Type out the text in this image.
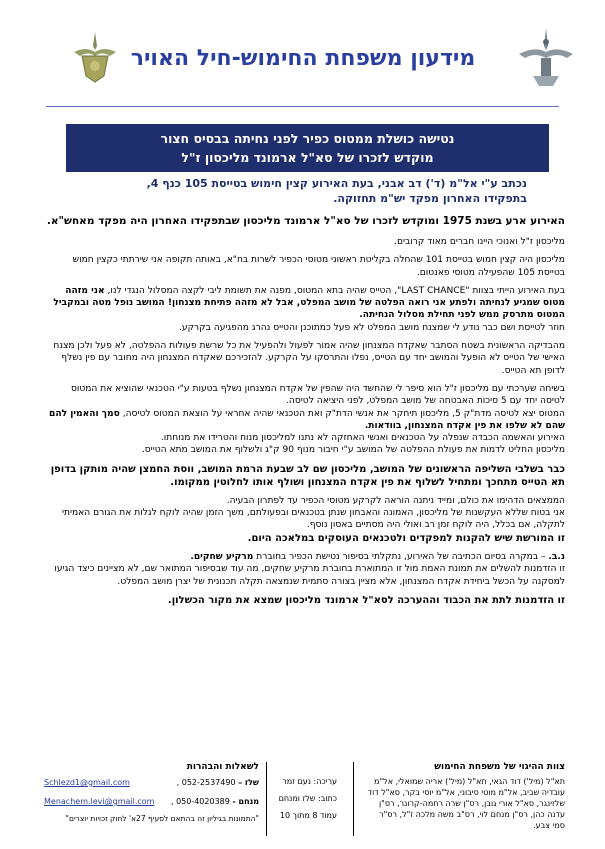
מידעון משפחת החימוש-חיל האויר
נטישה כושלת ממטוס כפיר לפני נחיתה בבסיס חצור
מוקדש לזכרו של סא"ל ארמונד מליכסון ז"ל
נכתב ע"י אל"מ (ד') דב אבני, בעת האירוע קצין חימוש בטייסת 105 כנף 4,
בתפקידו האחרון מפקד יש"מ תחזוקה.

האירוע ארע בשנת 1975 ומוקדש לזכרו של סא"ל ארמונד מליכסון שבתפקידו האחרון היה מפקד מאחש"א.

מליכסון ז"ל ואנוכי היינו חברים מאוד קרובים.

מליכסון היה קצין חמוש בטייסת 101 שהחלה בקליטת ראשוני מטוסי הכפיר לשרות בח"א, באותה תקופה אני שירתתי כקצין חמוש בטייסת 105 שהפעילה מטוסי פאנטום.

בעת האירוע הייתי בצוות "LAST CHANCE", הטייס שהיה בתא המטוס, מפנה את תשומת ליבי לקצה המסלול הנגדי לנו, אני מזהה מטוס שמגיע לנחיתה ולפתע אני רואה הפלטה של מושב המפלט, אבל לא מזהה פתיחת מצנחון! המושב נופל מטה ובמקביל המטוס מתרסק ממש לפני תחילת מסלול הנחיתה.
חוזר לטייסת ושם כבר נודע לי שמצנח מושב המפלט לא פעל כמתוכנן והטייס נהרג מהפגיעה בקרקע.

מהבדיקה הראשונית בשטח הסתבר שאקדח המצנחון שהיה אמור לפעול ולהפעיל את כל שרשת פעולות ההפלטה, לא פעל ולכן מצנח האישי של הטייס לא הופעל והמושב יחד עם הטייס, נפלו והתרסקו על הקרקע. להזכירכם שאקדח המצנחון היה מחובר עם פין נשלף לדופן תא הטייס.

בשיחה שערכתי עם מליכסון ז"ל הוא סיפר לי שהחשד היה שהפין של אקדח המצנחון נשלף בטעות ע"י הטכנאי שהוציא את המטוס לטיסה יחד עם 5 סיכות האבטחה של מושב המפלט, לפני היציאה לטיסה.
המטוס יצא לטיסה מדת"ק 5, מליכסון תיחקר את אנשי הדת"ק ואת הטכנאי שהיה אחראי על הוצאת המטוס לטיסה, סמך והאמין להם שהם לא שלפו את פין אקדח המצנחון, בוודאות.
האירוע והאשמה הכבדה שנפלה על הטכנאים ואנשי האחזקה לא נתנו למליכסון מנוח והטרידו את מנוחתו.
מליכסון החליט לדמות את פעולת ההפלטה של המושב ע"י חיבור מנוף 90 ק"ג ולשלוף את המושב מתא הטייס.

כבר בשלבי השליפה הראשונים של המושב, מליכסון שם לב שבעת הרמת המושב, ווסת החמצן שהיה מותקן בדופן תא הטייס מתחכך ומתחיל לשלוף את פין אקדח המצנחון ושולף אותו לחלוטין ממקומו.

הממצאים הדהימו את כולם, ומייד ניתנה הוראה לקרקע מטוסי הכפיר עד לפתרון הבעיה.
אני בטוח שללא העקשנות של מליכסון, האמונה והאבחון שנתן בטכנאים ובפעולתם, משך הזמן שהיה לוקח לגלות את הגורם האמיתי לתקלה, אם בכלל, היה לוקח זמן רב ואולי היה מסתיים באסון נוסף.
זו המורשת שיש להקנות למפקדים ולטכנאים העוסקים במלאכה היום.

נ.ב. – במקרה בסיום הכתיבה של האירוע, נתקלתי בסיפור נטישת הכפיר בחוברת מרקיע שחקים.
זו הזדמנות להשלים את תמונת האמת מול זו המתוארת בחוברת מרקיע שחקים, מה עוד שבסיפור המתואר שם, לא מציינים כיצד הגיעו למסקנה על הכשל ביחידת אקדח המצנחון, אלא מציין בצורה סתמית שנמצאה תקלה תכנונית של יצרן מושב המפלט.

זו הזדמנות לתת את הכבוד וההערכה לסא"ל ארמונד מליכסון שמצא את מקור הכשלון.

צוות ההיגוי של משפחת החימוש
תא"ל (מיל') דוד הגאי, תא"ל (מיל') אריה שמואלי, אל"מ עובדיה שביב, אל"מ מוטי סיבוני, אל"מ יוסי בקר, סא"ל דוד שלזינגר, סא"ל אורי גובן, רס"ן שרה רחמה-קרונר, רס"ן עדנה כהן, רס"ן מנחם לוי, רס"ב משה מלכה ז"ל, רס"ר סמי צבע.
עריכה: נעם זמר
כתוב: שלז ומנחם
עמוד 8 מתוך 10
לשאלות והבהרות
שלז – 052-2537490 ,
Schlezd1@gmail.com
מנחם - 050-4020389 ,
Menachem.levi@gmail.com
"התמונות בגיליון זה בהתאם לסעיף 27א' לחוק זכויות יוצרים"
